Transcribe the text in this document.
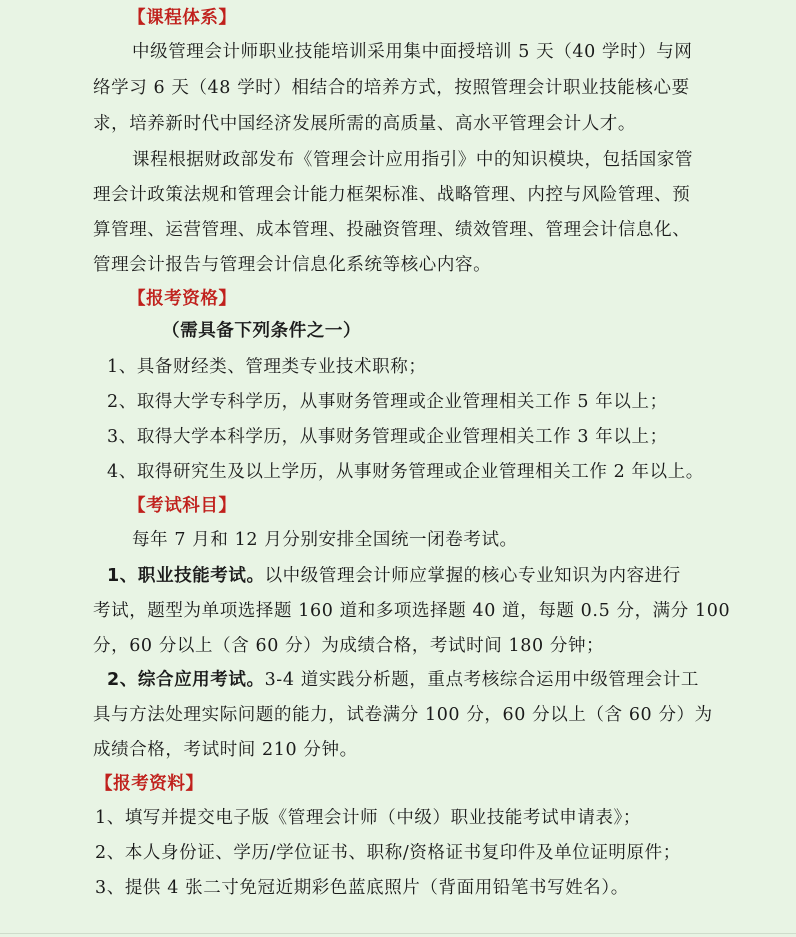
【课程体系】
中级管理会计师职业技能培训采用集中面授培训 5 天（40 学时）与网
络学习 6 天（48 学时）相结合的培养方式，按照管理会计职业技能核心要
求，培养新时代中国经济发展所需的高质量、高水平管理会计人才。
课程根据财政部发布《管理会计应用指引》中的知识模块，包括国家管
理会计政策法规和管理会计能力框架标准、战略管理、内控与风险管理、预
算管理、运营管理、成本管理、投融资管理、绩效管理、管理会计信息化、
管理会计报告与管理会计信息化系统等核心内容。
【报考资格】
（需具备下列条件之一）
1、具备财经类、管理类专业技术职称；
2、取得大学专科学历，从事财务管理或企业管理相关工作 5 年以上；
3、取得大学本科学历，从事财务管理或企业管理相关工作 3 年以上；
4、取得研究生及以上学历，从事财务管理或企业管理相关工作 2 年以上。
【考试科目】
每年 7 月和 12 月分别安排全国统一闭卷考试。
1、职业技能考试。以中级管理会计师应掌握的核心专业知识为内容进行
考试，题型为单项选择题 160 道和多项选择题 40 道，每题 0.5 分，满分 100
分，60 分以上（含 60 分）为成绩合格，考试时间 180 分钟；
2、综合应用考试。3-4 道实践分析题，重点考核综合运用中级管理会计工
具与方法处理实际问题的能力，试卷满分 100 分，60 分以上（含 60 分）为
成绩合格，考试时间 210 分钟。
【报考资料】
1、填写并提交电子版《管理会计师（中级）职业技能考试申请表》；
2、本人身份证、学历/学位证书、职称/资格证书复印件及单位证明原件；
3、提供 4 张二寸免冠近期彩色蓝底照片（背面用铅笔书写姓名）。
